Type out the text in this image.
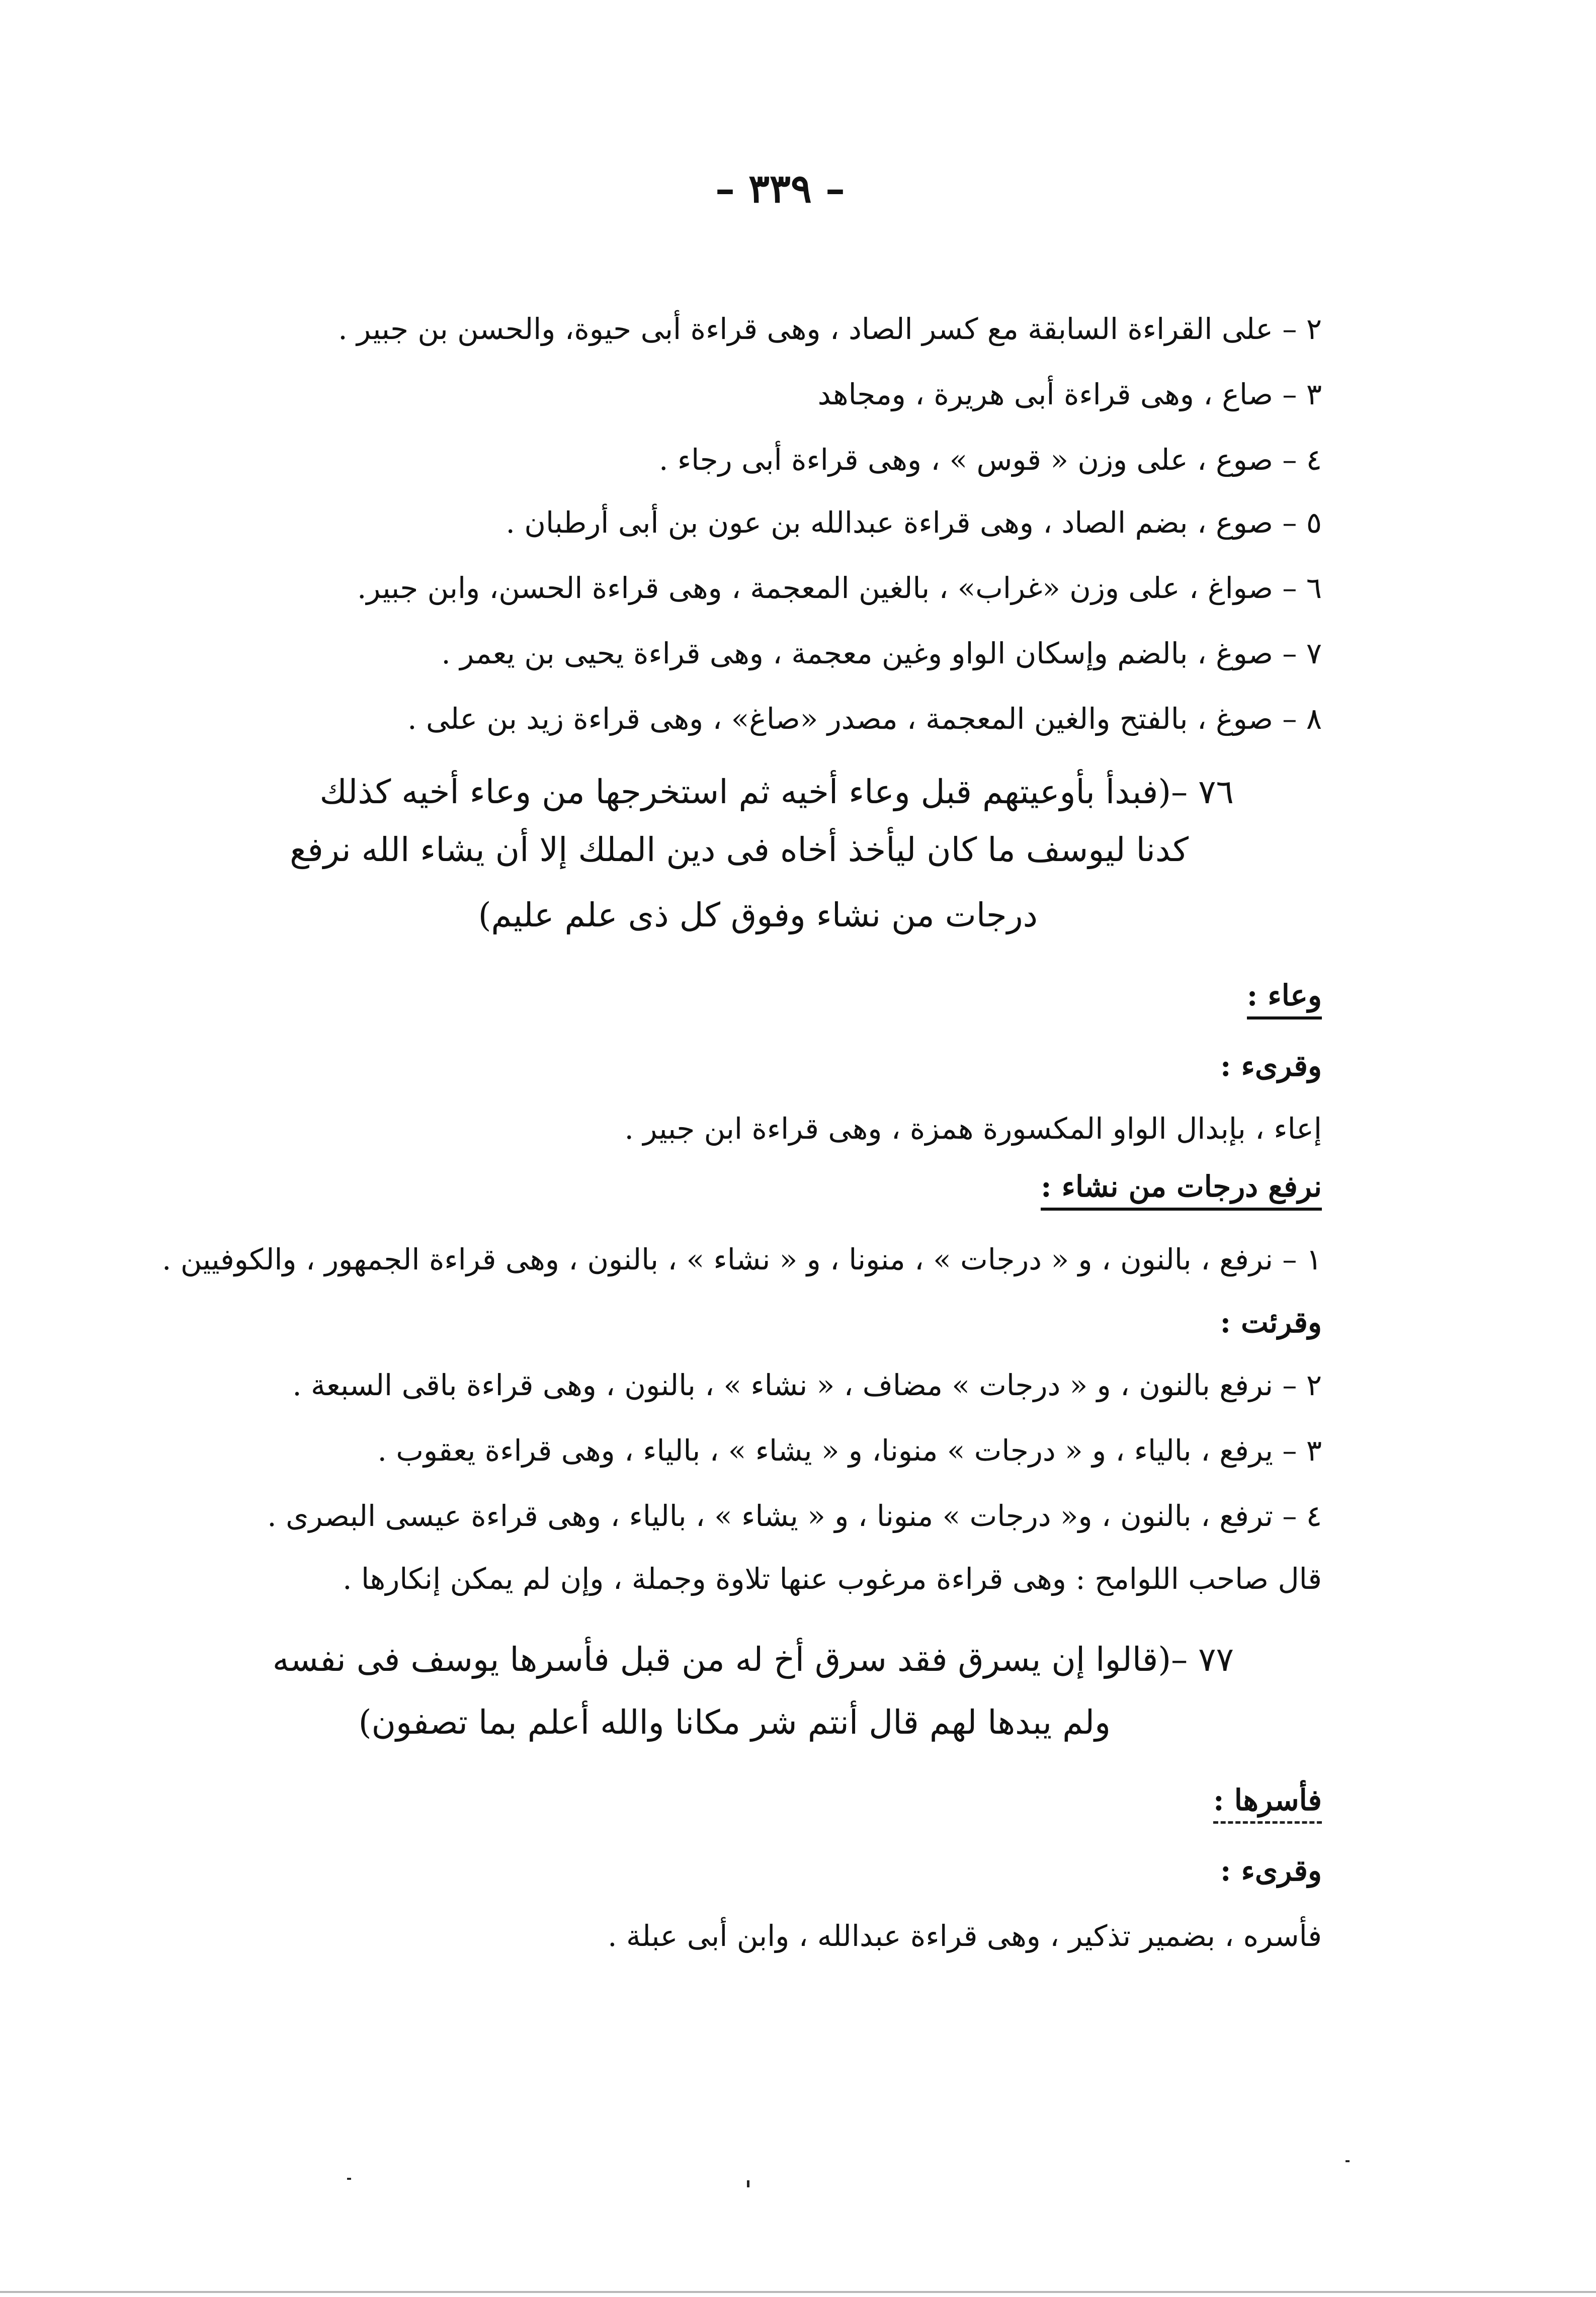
– ٣٣٩ –
٢ – على القراءة السابقة مع كسر الصاد ، وهى قراءة أبى حيوة، والحسن بن جبير .
٣ – صاع ، وهى قراءة أبى هريرة ، ومجاهد
٤ – صوع ، على وزن « قوس » ، وهى قراءة أبى رجاء .
٥ – صوع ، بضم الصاد ، وهى قراءة عبدالله بن عون بن أبى أرطبان .
٦ – صواغ ، على وزن «غراب» ، بالغين المعجمة ، وهى قراءة الحسن، وابن جبير.
٧ – صوغ ، بالضم وإسكان الواو وغين معجمة ، وهى قراءة يحيى بن يعمر .
٨ – صوغ ، بالفتح والغين المعجمة ، مصدر «صاغ» ، وهى قراءة زيد بن على .
٧٦ –(فبدأ بأوعيتهم قبل وعاء أخيه ثم استخرجها من وعاء أخيه كذلك
كدنا ليوسف ما كان ليأخذ أخاه فى دين الملك إلا أن يشاء الله نرفع
درجات من نشاء وفوق كل ذى علم عليم)
وعاء :
وقرىء :
إعاء ، بإبدال الواو المكسورة همزة ، وهى قراءة ابن جبير .
نرفع درجات من نشاء :
١ – نرفع ، بالنون ، و « درجات » ، منونا ، و « نشاء » ، بالنون ، وهى قراءة الجمهور ، والكوفيين .
وقرئت :
٢ – نرفع بالنون ، و « درجات » مضاف ، « نشاء » ، بالنون ، وهى قراءة باقى السبعة .
٣ – يرفع ، بالياء ، و « درجات » منونا، و « يشاء » ، بالياء ، وهى قراءة يعقوب .
٤ – ترفع ، بالنون ، و« درجات » منونا ، و « يشاء » ، بالياء ، وهى قراءة عيسى البصرى .
قال صاحب اللوامح : وهى قراءة مرغوب عنها تلاوة وجملة ، وإن لم يمكن إنكارها .
٧٧ –(قالوا إن يسرق فقد سرق أخ له من قبل فأسرها يوسف فى نفسه
ولم يبدها لهم قال أنتم شر مكانا والله أعلم بما تصفون)
فأسرها :
وقرىء :
فأسره ، بضمير تذكير ، وهى قراءة عبدالله ، وابن أبى عبلة .
